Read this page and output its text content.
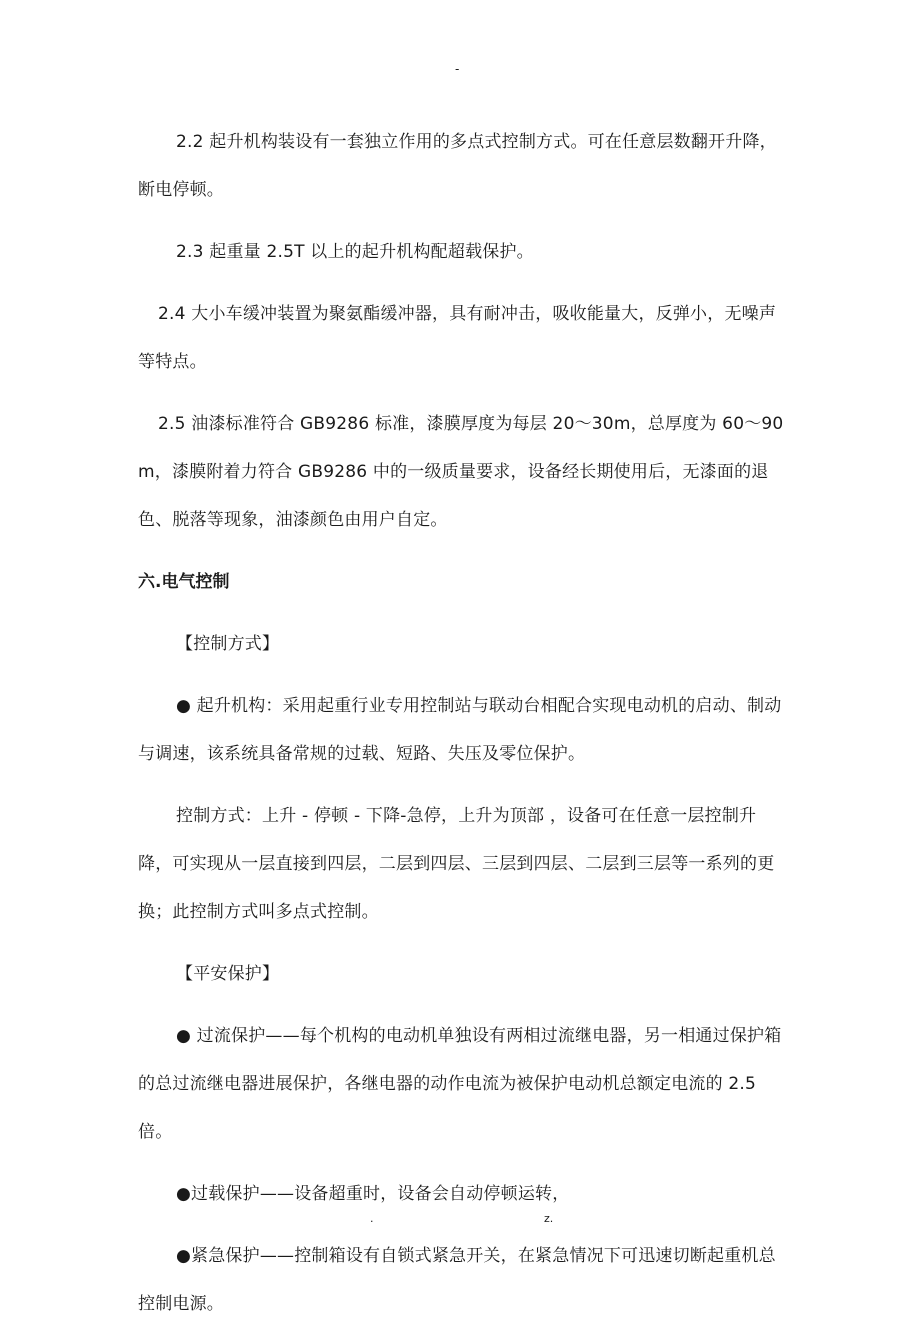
-

2.2 起升机构装设有一套独立作用的多点式控制方式。可在任意层数翻开升降，断电停顿。

2.3 起重量 2.5T 以上的起升机构配超载保护。

2.4 大小车缓冲装置为聚氨酯缓冲器，具有耐冲击，吸收能量大，反弹小，无噪声等特点。

2.5 油漆标准符合 GB9286 标准，漆膜厚度为每层 20～30m，总厚度为 60～90m，漆膜附着力符合 GB9286 中的一级质量要求，设备经长期使用后，无漆面的退色、脱落等现象，油漆颜色由用户自定。

六.电气控制

【控制方式】

● 起升机构：采用起重行业专用控制站与联动台相配合实现电动机的启动、制动与调速，该系统具备常规的过载、短路、失压及零位保护。

控制方式：上升 - 停顿 - 下降-急停，上升为顶部 ，设备可在任意一层控制升降，可实现从一层直接到四层，二层到四层、三层到四层、二层到三层等一系列的更换；此控制方式叫多点式控制。

【平安保护】

● 过流保护——每个机构的电动机单独设有两相过流继电器，另一相通过保护箱的总过流继电器进展保护，各继电器的动作电流为被保护电动机总额定电流的 2.5 倍。

●过载保护——设备超重时，设备会自动停顿运转，

●紧急保护——控制箱设有自锁式紧急开关，在紧急情况下可迅速切断起重机总控制电源。

.	z.
